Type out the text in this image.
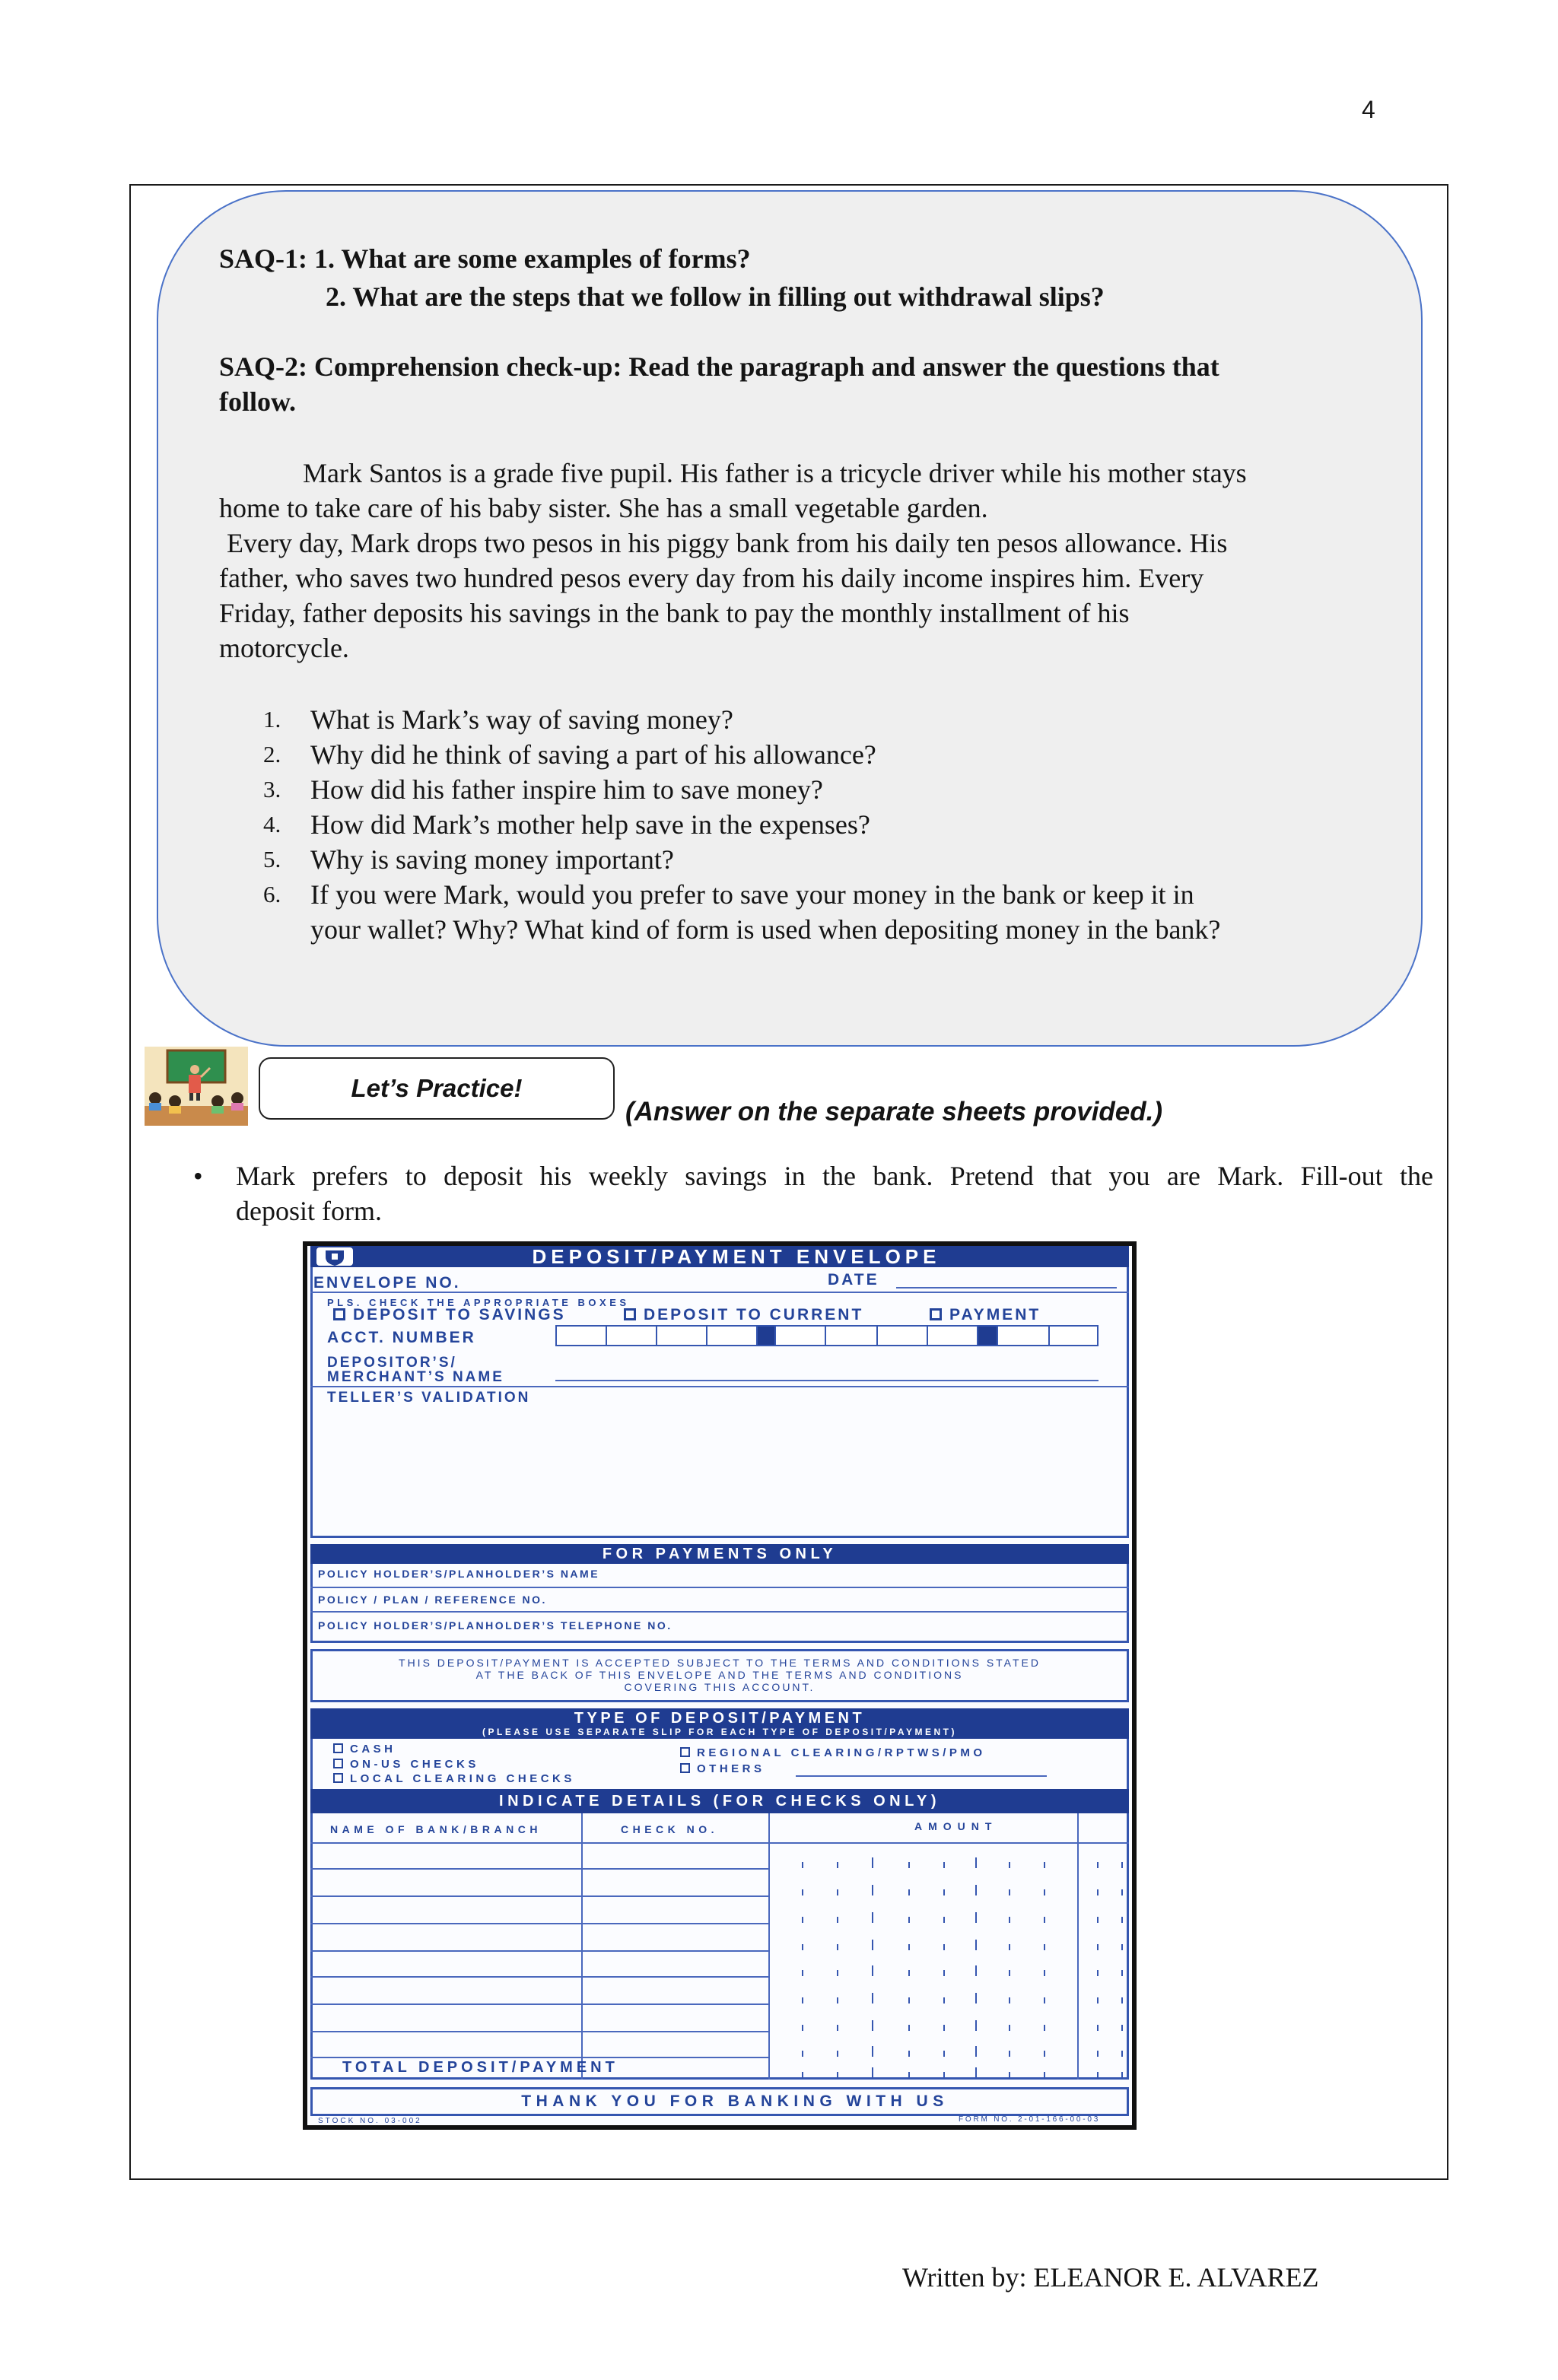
4
SAQ-1: 1. What are some examples of forms?
2. What are the steps that we follow in filling out withdrawal slips?
SAQ-2: Comprehension check-up: Read the paragraph and answer the questions that
follow.
Mark Santos is a grade five pupil. His father is a tricycle driver while his mother stays
home to take care of his baby sister. She has a small vegetable garden.
Every day, Mark drops two pesos in his piggy bank from his daily ten pesos allowance. His
father, who saves two hundred pesos every day from his daily income inspires him. Every
Friday, father deposits his savings in the bank to pay the monthly installment of his
motorcycle.
1. What is Mark’s way of saving money?
2. Why did he think of saving a part of his allowance?
3. How did his father inspire him to save money?
4. How did Mark’s mother help save in the expenses?
5. Why is saving money important?
6. If you were Mark, would you prefer to save your money in the bank or keep it in
your wallet? Why? What kind of form is used when depositing money in the bank?
Let’s Practice!
(Answer on the separate sheets provided.)
• Mark prefers to deposit his weekly savings in the bank. Pretend that you are Mark. Fill-out the
deposit form.
DEPOSIT/PAYMENT ENVELOPE
ENVELOPE NO.	DATE
PLS. CHECK THE APPROPRIATE BOXES
DEPOSIT TO SAVINGS	DEPOSIT TO CURRENT	PAYMENT
ACCT. NUMBER
DEPOSITOR’S/
MERCHANT’S NAME
TELLER’S VALIDATION
FOR PAYMENTS ONLY
POLICY HOLDER’S/PLANHOLDER’S NAME
POLICY / PLAN / REFERENCE NO.
POLICY HOLDER’S/PLANHOLDER’S TELEPHONE NO.
THIS DEPOSIT/PAYMENT IS ACCEPTED SUBJECT TO THE TERMS AND CONDITIONS STATED
AT THE BACK OF THIS ENVELOPE AND THE TERMS AND CONDITIONS
COVERING THIS ACCOUNT.
TYPE OF DEPOSIT/PAYMENT
(PLEASE USE SEPARATE SLIP FOR EACH TYPE OF DEPOSIT/PAYMENT)
CASH
ON-US CHECKS
LOCAL CLEARING CHECKS
REGIONAL CLEARING/RPTWS/PMO
OTHERS
INDICATE DETAILS (FOR CHECKS ONLY)
NAME OF BANK/BRANCH	CHECK NO.	AMOUNT
TOTAL DEPOSIT/PAYMENT
THANK YOU FOR BANKING WITH US
STOCK NO. 03-002	FORM NO. 2-01-166-00-03
Written by: ELEANOR E. ALVAREZ
